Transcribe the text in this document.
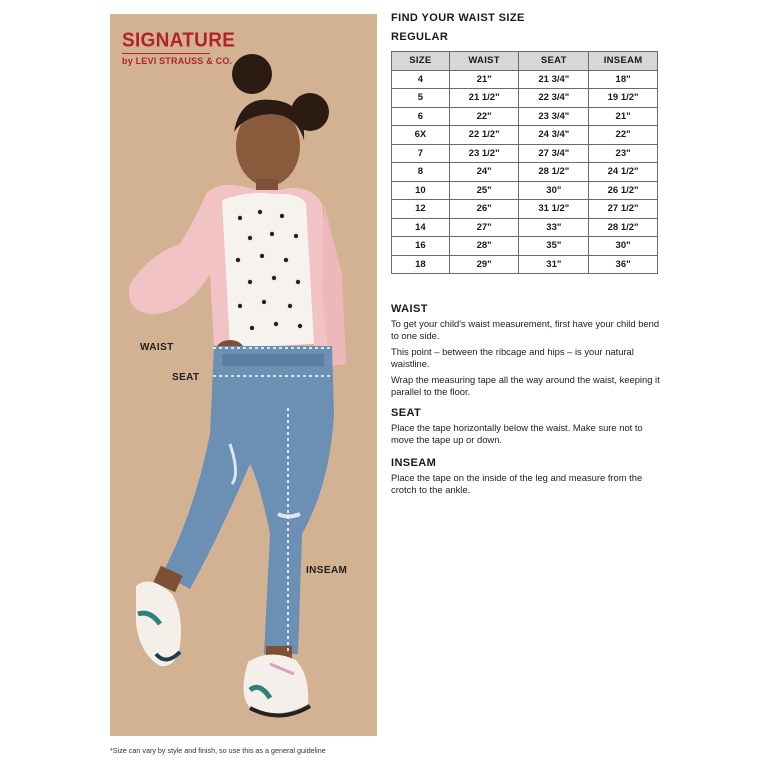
SIGNATURE
by LEVI STRAUSS & CO.
WAIST
SEAT
INSEAM
FIND YOUR WAIST SIZE
REGULAR
SIZE	WAIST	SEAT	INSEAM
4	21"	21 3/4"	18"
5	21 1/2"	22 3/4"	19 1/2"
6	22"	23 3/4"	21"
6X	22 1/2"	24 3/4"	22"
7	23 1/2"	27 3/4"	23"
8	24"	28 1/2"	24 1/2"
10	25"	30"	26 1/2"
12	26"	31 1/2"	27 1/2"
14	27"	33"	28 1/2"
16	28"	35"	30"
18	29"	31"	36"
WAIST

To get your child's waist measurement, first have your child bend to one side.

This point – between the ribcage and hips – is your natural waistline.

Wrap the measuring tape all the way around the waist, keeping it parallel to the floor.

SEAT

Place the tape horizontally below the waist. Make sure not to move the tape up or down.

INSEAM

Place the tape on the inside of the leg and measure from the crotch to the ankle.

*Size can vary by style and finish, so use this as a general guideline
